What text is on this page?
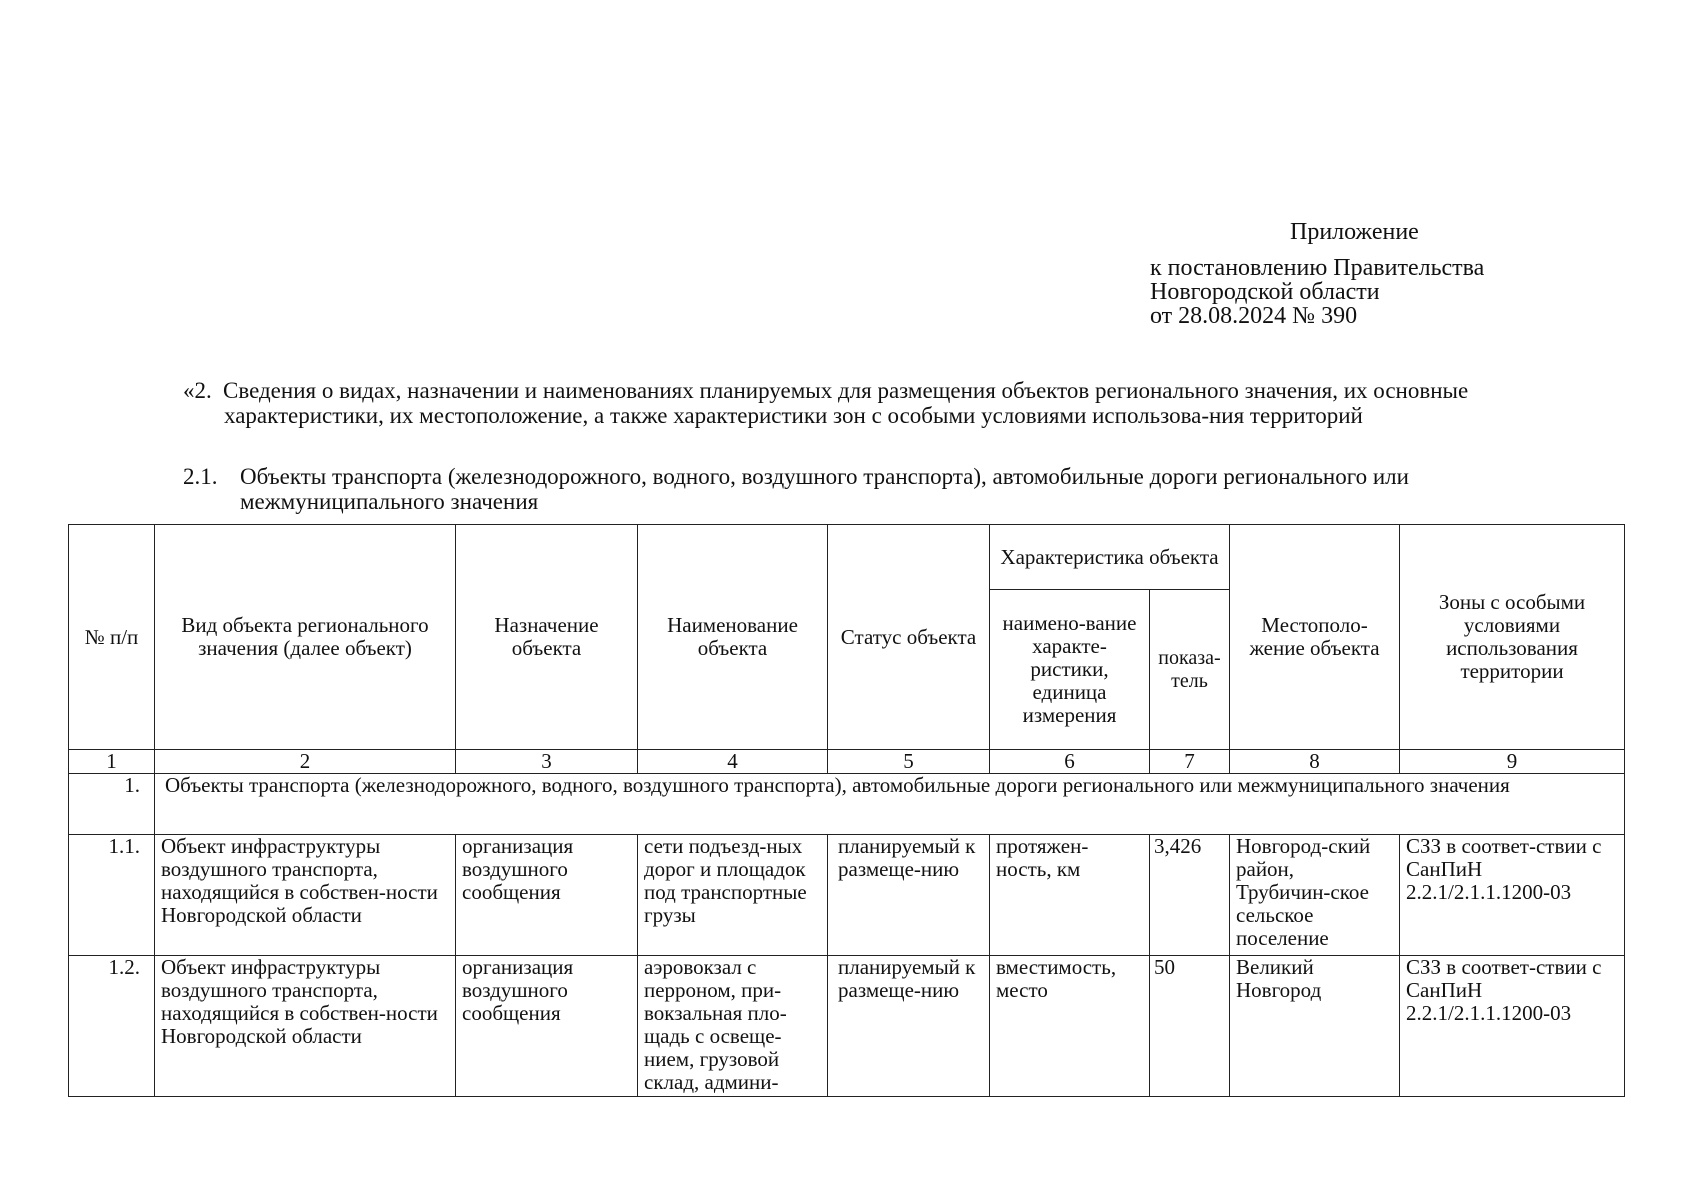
Приложение
к постановлению Правительства
Новгородской области
от 28.08.2024 № 390
«2. Сведения о видах, назначении и наименованиях планируемых для размещения объектов регионального значения, их основные характеристики, их местоположение, а также характеристики зон с особыми условиями использова-ния территорий
2.1. Объекты транспорта (железнодорожного, водного, воздушного транспорта), автомобильные дороги регионального или межмуниципального значения
№ п/п	Вид объекта регионального значения (далее объект)	Назначение объекта	Наименование объекта	Статус объекта	Характеристика объекта		Местополо-жение объекта	Зоны с особыми условиями использования территории
					наимено-вание характе-ристики, единица измерения	показа-тель		
1	2	3	4	5	6	7	8	9
1.	Объекты транспорта (железнодорожного, водного, воздушного транспорта), автомобильные дороги регионального или межмуниципального значения							
1.1.	Объект инфраструктуры воздушного транспорта, находящийся в собствен-ности Новгородской области	организация воздушного сообщения	сети подъезд-ных дорог и площадок под транспортные грузы	планируемый к размеще-нию	протяжен-ность, км	3,426	Новгород-ский район, Трубичин-ское сельское поселение	СЗЗ в соответ-ствии с СанПиН 2.2.1/2.1.1.1200-03
1.2.	Объект инфраструктуры воздушного транспорта, находящийся в собствен-ности Новгородской области	организация воздушного сообщения	аэровокзал с перроном, при-вокзальная пло-щадь с освеще-нием, грузовой склад, админи-	планируемый к размеще-нию	вместимость, место	50	Великий Новгород	СЗЗ в соответ-ствии с СанПиН 2.2.1/2.1.1.1200-03
